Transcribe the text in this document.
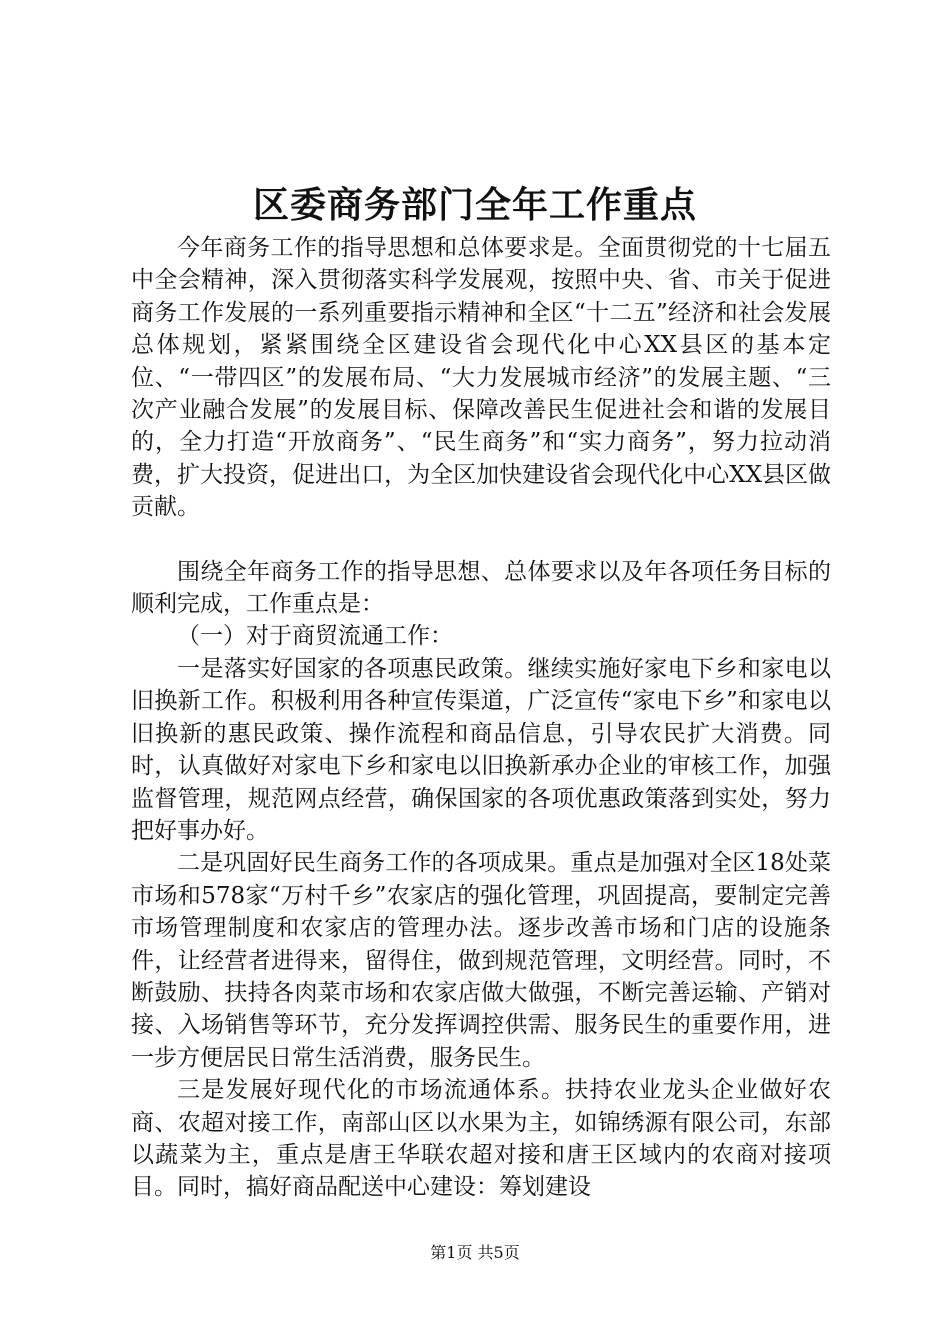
区委商务部门全年工作重点

今年商务工作的指导思想和总体要求是。全面贯彻党的十七届五中全会精神，深入贯彻落实科学发展观，按照中央、省、市关于促进商务工作发展的一系列重要指示精神和全区“十二五”经济和社会发展总体规划，紧紧围绕全区建设省会现代化中心XX县区的基本定位、“一带四区”的发展布局、“大力发展城市经济”的发展主题、“三次产业融合发展”的发展目标、保障改善民生促进社会和谐的发展目的，全力打造“开放商务”、“民生商务”和“实力商务”，努力拉动消费，扩大投资，促进出口，为全区加快建设省会现代化中心XX县区做贡献。

围绕全年商务工作的指导思想、总体要求以及年各项任务目标的顺利完成，工作重点是：

（一）对于商贸流通工作：

一是落实好国家的各项惠民政策。继续实施好家电下乡和家电以旧换新工作。积极利用各种宣传渠道，广泛宣传“家电下乡”和家电以旧换新的惠民政策、操作流程和商品信息，引导农民扩大消费。同时，认真做好对家电下乡和家电以旧换新承办企业的审核工作，加强监督管理，规范网点经营，确保国家的各项优惠政策落到实处，努力把好事办好。

二是巩固好民生商务工作的各项成果。重点是加强对全区18处菜市场和578家“万村千乡”农家店的强化管理，巩固提高，要制定完善市场管理制度和农家店的管理办法。逐步改善市场和门店的设施条件，让经营者进得来，留得住，做到规范管理，文明经营。同时，不断鼓励、扶持各肉菜市场和农家店做大做强，不断完善运输、产销对接、入场销售等环节，充分发挥调控供需、服务民生的重要作用，进一步方便居民日常生活消费，服务民生。

三是发展好现代化的市场流通体系。扶持农业龙头企业做好农商、农超对接工作，南部山区以水果为主，如锦绣源有限公司，东部以蔬菜为主，重点是唐王华联农超对接和唐王区域内的农商对接项目。同时，搞好商品配送中心建设：筹划建设

第1页 共5页
